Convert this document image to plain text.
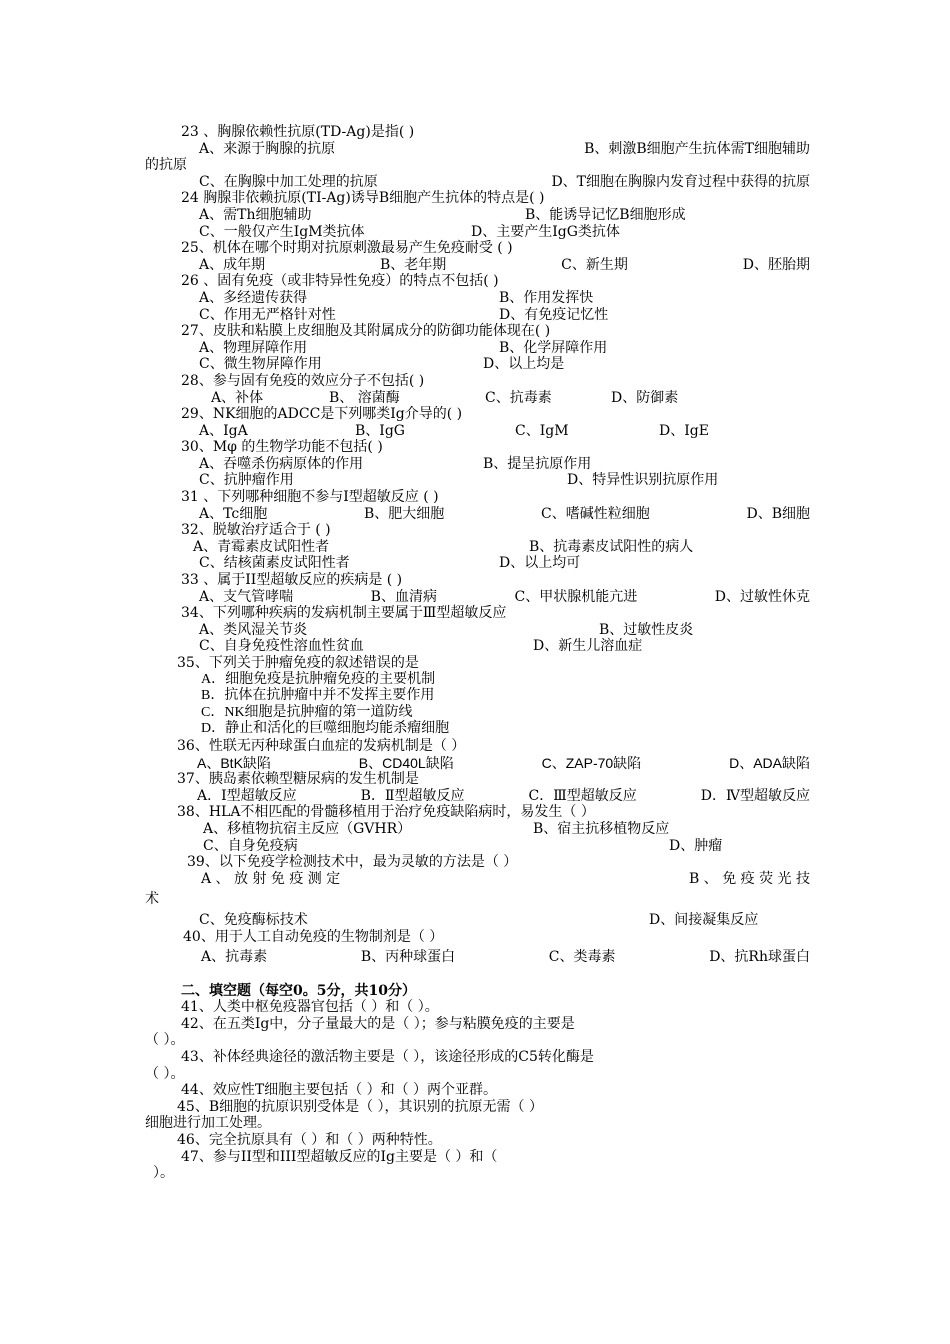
23 、胸腺依赖性抗原(TD-Ag)是指( )
A、来源于胸腺的抗原	B、刺激B细胞产生抗体需T细胞辅助
的抗原
C、在胸腺中加工处理的抗原	D、T细胞在胸腺内发育过程中获得的抗原
24 胸腺非依赖抗原(TI-Ag)诱导B细胞产生抗体的特点是( )
A、需Th细胞辅助	B、能诱导记忆B细胞形成
C、一般仅产生IgM类抗体	D、主要产生IgG类抗体
25、机体在哪个时期对抗原刺激最易产生免疫耐受 ( )
A、成年期	B、老年期	C、新生期	D、胚胎期
26 、固有免疫（或非特异性免疫）的特点不包括( )
A、多经遗传获得	B、作用发挥快
C、作用无严格针对性	D、有免疫记忆性
27、皮肤和粘膜上皮细胞及其附属成分的防御功能体现在( )
A、物理屏障作用	B、化学屏障作用
C、微生物屏障作用	D、以上均是
28、参与固有免疫的效应分子不包括( )
A、补体	B、 溶菌酶	C、抗毒素	D、防御素
29、NK细胞的ADCC是下列哪类Ig介导的( )
A、IgA	B、IgG	C、IgM	D、IgE
30、Mφ 的生物学功能不包括( )
A、吞噬杀伤病原体的作用	B、提呈抗原作用
C、抗肿瘤作用	D、特异性识别抗原作用
31 、下列哪种细胞不参与I型超敏反应 ( )
A、Tc细胞	B、肥大细胞	C、嗜碱性粒细胞	D、B细胞
32、脱敏治疗适合于 ( )
A、青霉素皮试阳性者	B、抗毒素皮试阳性的病人
C、结核菌素皮试阳性者	D、以上均可
33 、属于II型超敏反应的疾病是 ( )
A、支气管哮喘	B、血清病	C、甲状腺机能亢进	D、过敏性休克
34、下列哪种疾病的发病机制主要属于Ⅲ型超敏反应
A、类风湿关节炎	B、过敏性皮炎
C、自身免疫性溶血性贫血	D、新生儿溶血症
35、下列关于肿瘤免疫的叙述错误的是
A．细胞免疫是抗肿瘤免疫的主要机制
B．抗体在抗肿瘤中并不发挥主要作用
C．NK细胞是抗肿瘤的第一道防线
D．静止和活化的巨噬细胞均能杀瘤细胞
36、性联无丙种球蛋白血症的发病机制是（ ）
A、BtK缺陷	B、CD40L缺陷	C、ZAP-70缺陷	D、ADA缺陷
37、胰岛素依赖型糖尿病的发生机制是
A．Ⅰ型超敏反应	B．Ⅱ型超敏反应	C．Ⅲ型超敏反应	D．Ⅳ型超敏反应
38、HLA不相匹配的骨髓移植用于治疗免疫缺陷病时，易发生（ ）
A、移植物抗宿主反应（GVHR）	B、宿主抗移植物反应
C、自身免疫病	D、肿瘤
39、以下免疫学检测技术中，最为灵敏的方法是（ ）
A 、 放 射 免 疫 测 定	B 、 免 疫 荧 光 技
术
C、免疫酶标技术	D、间接凝集反应
40、用于人工自动免疫的生物制剂是（ ）
A、抗毒素	B、丙种球蛋白	C、类毒素	D、抗Rh球蛋白
二、填空题（每空0。5分，共10分）
41、人类中枢免疫器官包括（ ）和（ ）。
42、在五类Ig中，分子量最大的是（ ）；参与粘膜免疫的主要是
（ ）。
43、补体经典途径的激活物主要是（ ），该途径形成的C5转化酶是
（ ）。
44、效应性T细胞主要包括（ ）和（ ）两个亚群。
45、B细胞的抗原识别受体是（ ），其识别的抗原无需（ ）
细胞进行加工处理。
46、完全抗原具有（ ）和（ ）两种特性。
47、参与II型和III型超敏反应的Ig主要是（ ）和（
）。
